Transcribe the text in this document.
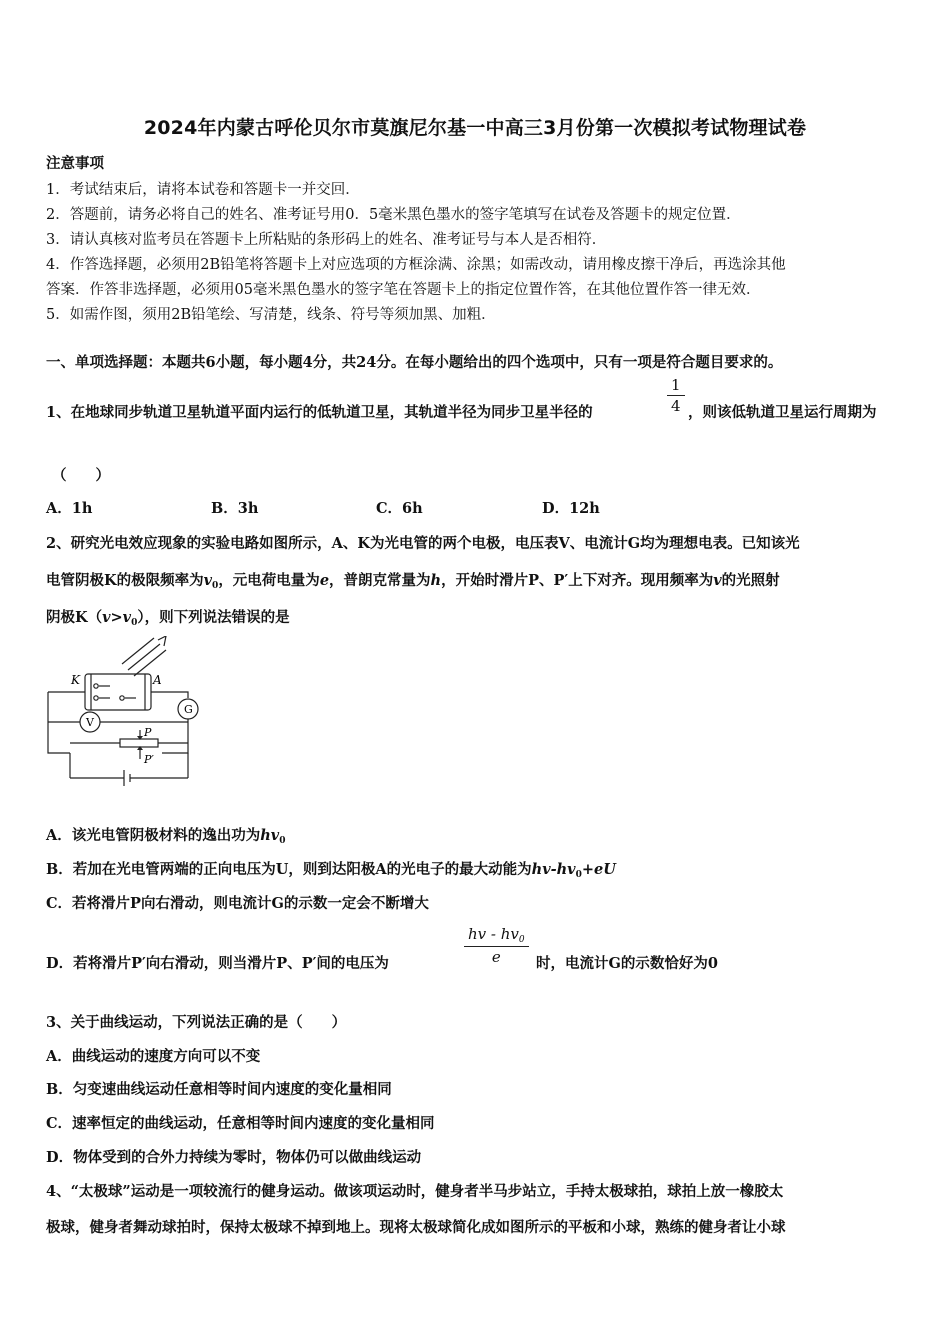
2024年内蒙古呼伦贝尔市莫旗尼尔基一中高三3月份第一次模拟考试物理试卷
注意事项
1．考试结束后，请将本试卷和答题卡一并交回．
2．答题前，请务必将自己的姓名、准考证号用0．5毫米黑色墨水的签字笔填写在试卷及答题卡的规定位置．
3．请认真核对监考员在答题卡上所粘贴的条形码上的姓名、准考证号与本人是否相符．
4．作答选择题，必须用2B铅笔将答题卡上对应选项的方框涂满、涂黑；如需改动，请用橡皮擦干净后，再选涂其他
答案．作答非选择题，必须用05毫米黑色墨水的签字笔在答题卡上的指定位置作答，在其他位置作答一律无效．
5．如需作图，须用2B铅笔绘、写清楚，线条、符号等须加黑、加粗．
一、单项选择题：本题共6小题，每小题4分，共24分。在每小题给出的四个选项中，只有一项是符合题目要求的。
1、在地球同步轨道卫星轨道平面内运行的低轨道卫星，其轨道半径为同步卫星半径的
1
4 ，则该低轨道卫星运行周期为
（　　）
A．1h	B．3h	C．6h	D．12h
2、研究光电效应现象的实验电路如图所示，A、K为光电管的两个电极，电压表V、电流计G均为理想电表。已知该光
电管阴极K的极限频率为$v_0$，元电荷电量为e，普朗克常量为h，开始时滑片P、P′上下对齐。现用频率为v的光照射
阴极$K(v>v_0)$，则下列说法错误的是
K	A
G
V
P
P′
A．该光电管阴极材料的逸出功为$hv_0$
B．若加在光电管两端的正向电压为U，则到达阳极A的光电子的最大动能为$hv-hv_0+eU$
C．若将滑片P向右滑动，则电流计G的示数一定会不断增大
D．若将滑片P′向右滑动，则当滑片P、P′间的电压为
hv - $hv_0$
e	时，电流计G的示数恰好为0
3、关于曲线运动，下列说法正确的是（　　）
A．曲线运动的速度方向可以不变
B．匀变速曲线运动任意相等时间内速度的变化量相同
C．速率恒定的曲线运动，任意相等时间内速度的变化量相同
D．物体受到的合外力持续为零时，物体仍可以做曲线运动
4、“太极球”运动是一项较流行的健身运动。做该项运动时，健身者半马步站立，手持太极球拍，球拍上放一橡胶太
极球，健身者舞动球拍时，保持太极球不掉到地上。现将太极球简化成如图所示的平板和小球，熟练的健身者让小球
